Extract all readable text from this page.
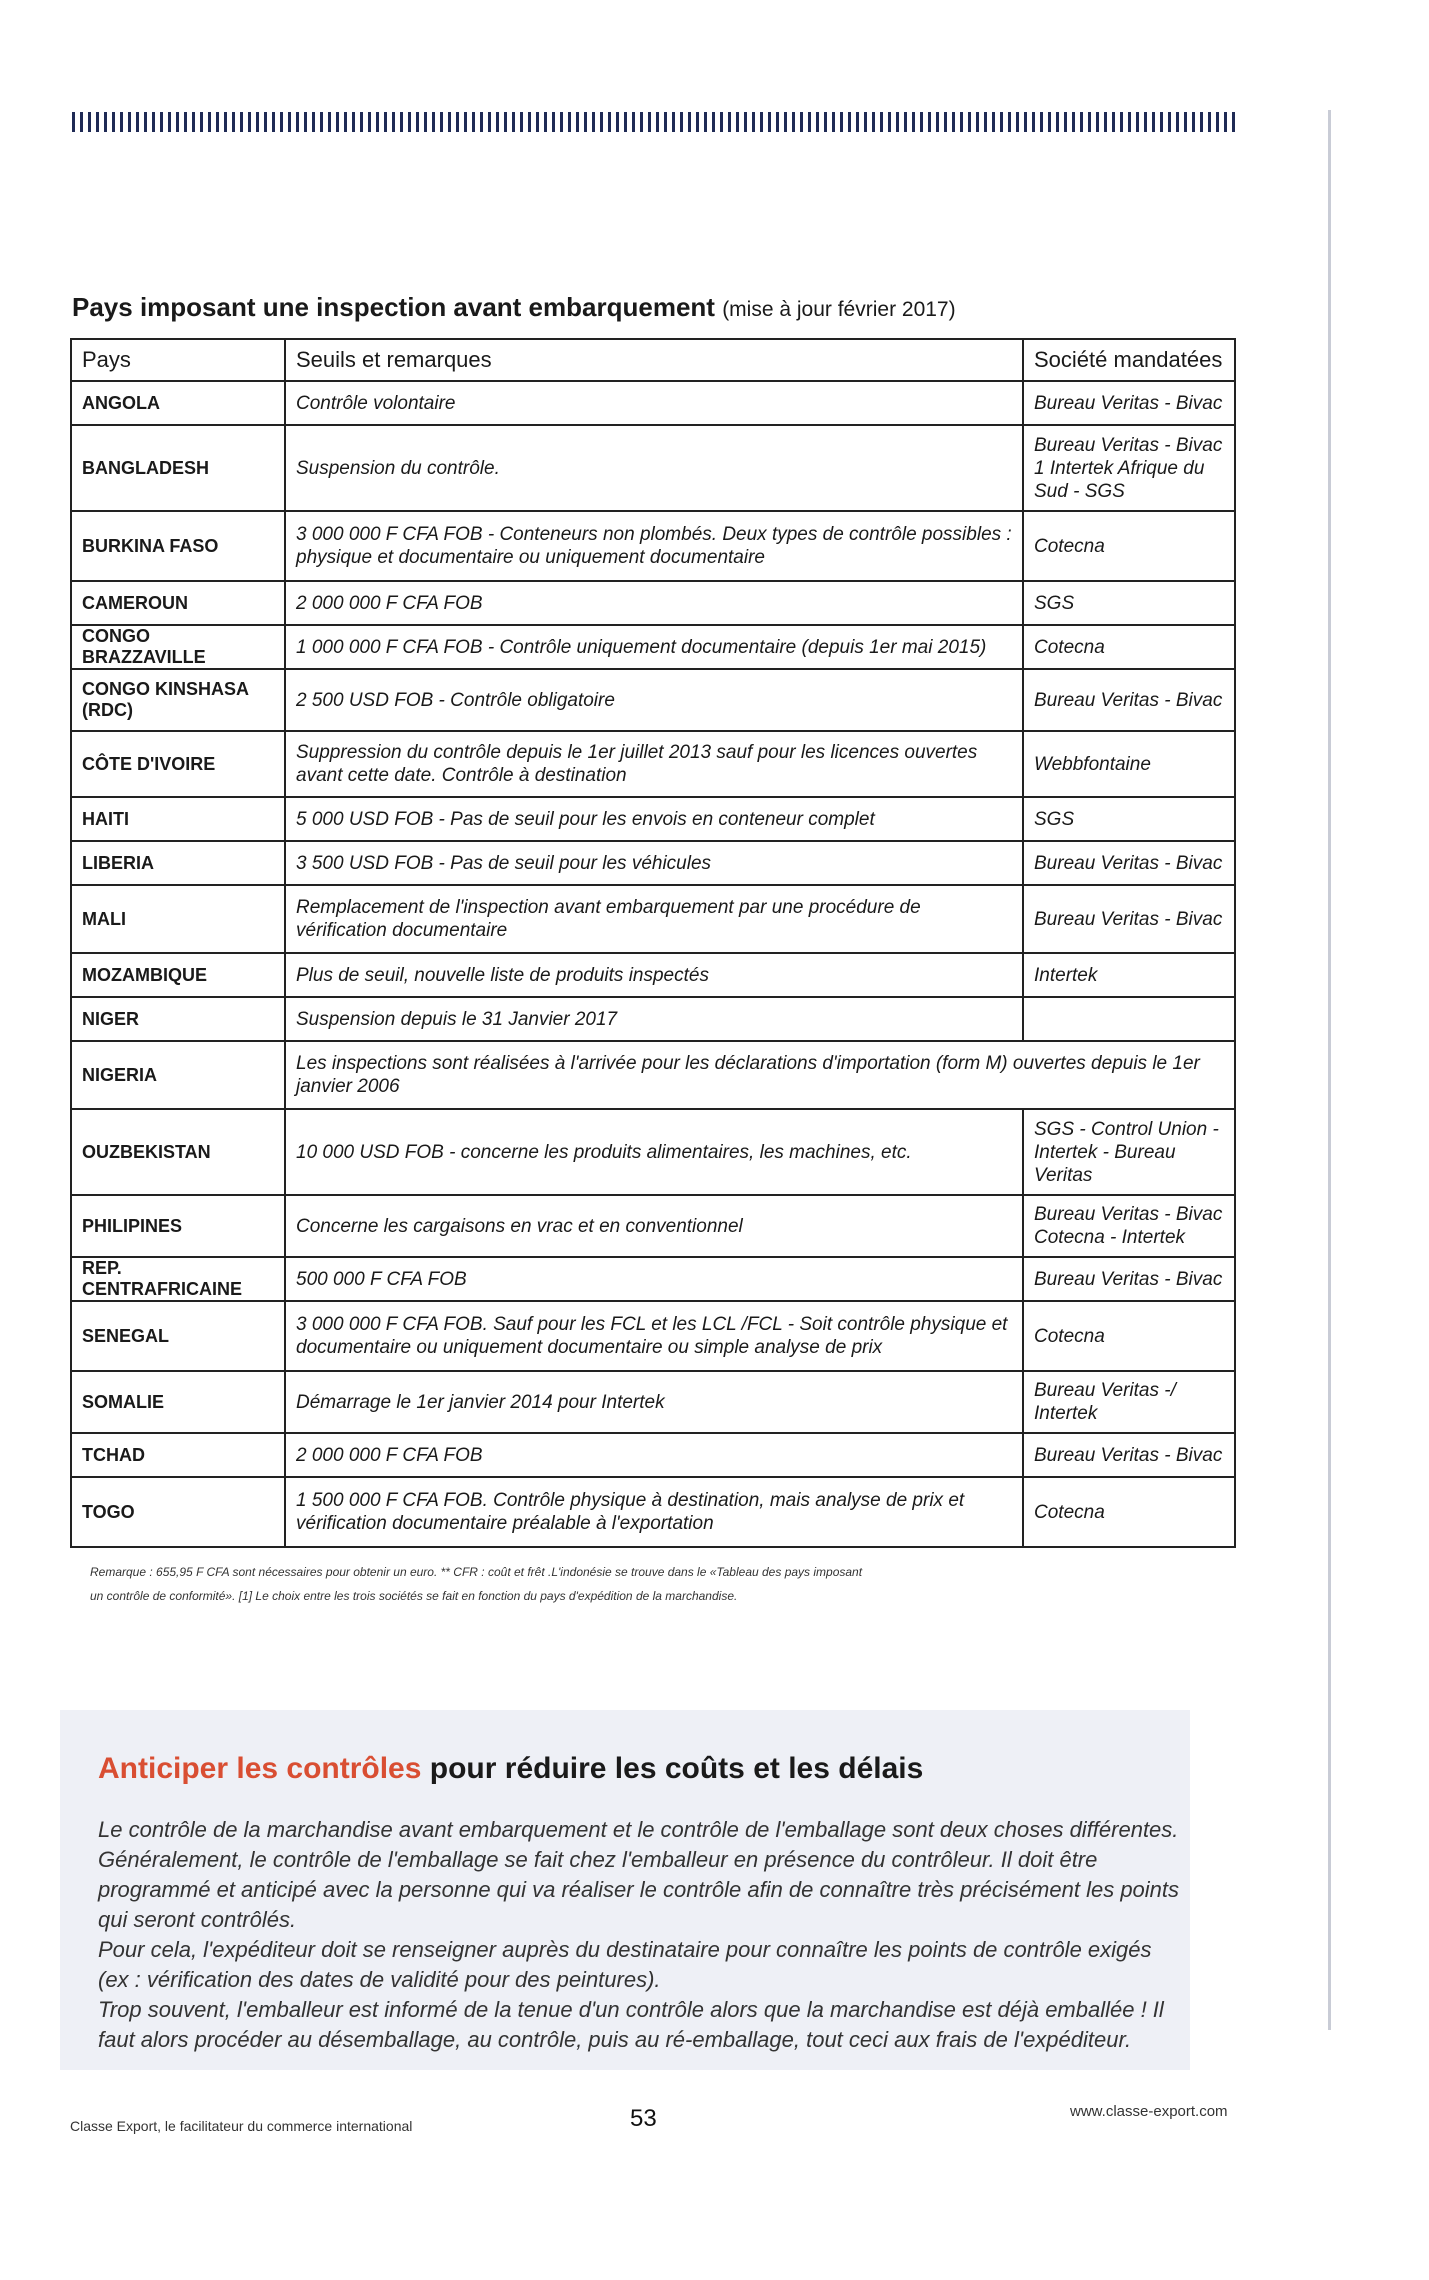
Pays imposant une inspection avant embarquement (mise à jour février 2017)
Pays	Seuils et remarques	Société mandatées
ANGOLA	Contrôle volontaire	Bureau Veritas - Bivac
BANGLADESH	Suspension du contrôle.	Bureau Veritas - Bivac 1 Intertek Afrique du Sud - SGS
BURKINA FASO	3 000 000 F CFA FOB - Conteneurs non plombés. Deux types de contrôle possibles : physique et documentaire ou uniquement documentaire	Cotecna
CAMEROUN	2 000 000 F CFA FOB	SGS
CONGO BRAZZAVILLE	1 000 000 F CFA FOB - Contrôle uniquement documentaire (depuis 1er mai 2015)	Cotecna
CONGO KINSHASA (RDC)	2 500 USD FOB - Contrôle obligatoire	Bureau Veritas - Bivac
CÔTE D'IVOIRE	Suppression du contrôle depuis le 1er juillet 2013 sauf pour les licences ouvertes avant cette date. Contrôle à destination	Webbfontaine
HAITI	5 000 USD FOB - Pas de seuil pour les envois en conteneur complet	SGS
LIBERIA	3 500 USD FOB - Pas de seuil pour les véhicules	Bureau Veritas - Bivac
MALI	Remplacement de l'inspection avant embarquement par une procédure de vérification documentaire	Bureau Veritas - Bivac
MOZAMBIQUE	Plus de seuil, nouvelle liste de produits inspectés	Intertek
NIGER	Suspension depuis le 31 Janvier 2017	
NIGERIA	Les inspections sont réalisées à l'arrivée pour les déclarations d'importation (form M) ouvertes depuis le 1er janvier 2006	
OUZBEKISTAN	10 000 USD FOB - concerne les produits alimentaires, les machines, etc.	SGS - Control Union - Intertek - Bureau Veritas
PHILIPINES	Concerne les cargaisons en vrac et en conventionnel	Bureau Veritas - Bivac Cotecna - Intertek
REP. CENTRAFRICAINE	500 000 F CFA FOB	Bureau Veritas - Bivac
SENEGAL	3 000 000 F CFA FOB. Sauf pour les FCL et les LCL /FCL - Soit contrôle physique et documentaire ou uniquement documentaire ou simple analyse de prix	Cotecna
SOMALIE	Démarrage le 1er janvier 2014 pour Intertek	Bureau Veritas -/ Intertek
TCHAD	2 000 000 F CFA FOB	Bureau Veritas - Bivac
TOGO	1 500 000 F CFA FOB. Contrôle physique à destination, mais analyse de prix et vérification documentaire préalable à l'exportation	Cotecna

Remarque : 655,95 F CFA sont nécessaires pour obtenir un euro. ** CFR : coût et frêt .L'indonésie se trouve dans le «Tableau des pays imposant

un contrôle de conformité». [1] Le choix entre les trois sociétés se fait en fonction du pays d'expédition de la marchandise.

Anticiper les contrôles pour réduire les coûts et les délais

Le contrôle de la marchandise avant embarquement et le contrôle de l'emballage sont deux choses différentes. Généralement, le contrôle de l'emballage se fait chez l'emballeur en présence du contrôleur. Il doit être programmé et anticipé avec la personne qui va réaliser le contrôle afin de connaître très précisément les points qui seront contrôlés.

Pour cela, l'expéditeur doit se renseigner auprès du destinataire pour connaître les points de contrôle exigés (ex : vérification des dates de validité pour des peintures).

Trop souvent, l'emballeur est informé de la tenue d'un contrôle alors que la marchandise est déjà emballée ! Il faut alors procéder au désemballage, au contrôle, puis au ré-emballage, tout ceci aux frais de l'expéditeur.

Classe Export, le facilitateur du commerce international	53	www.classe-export.com
